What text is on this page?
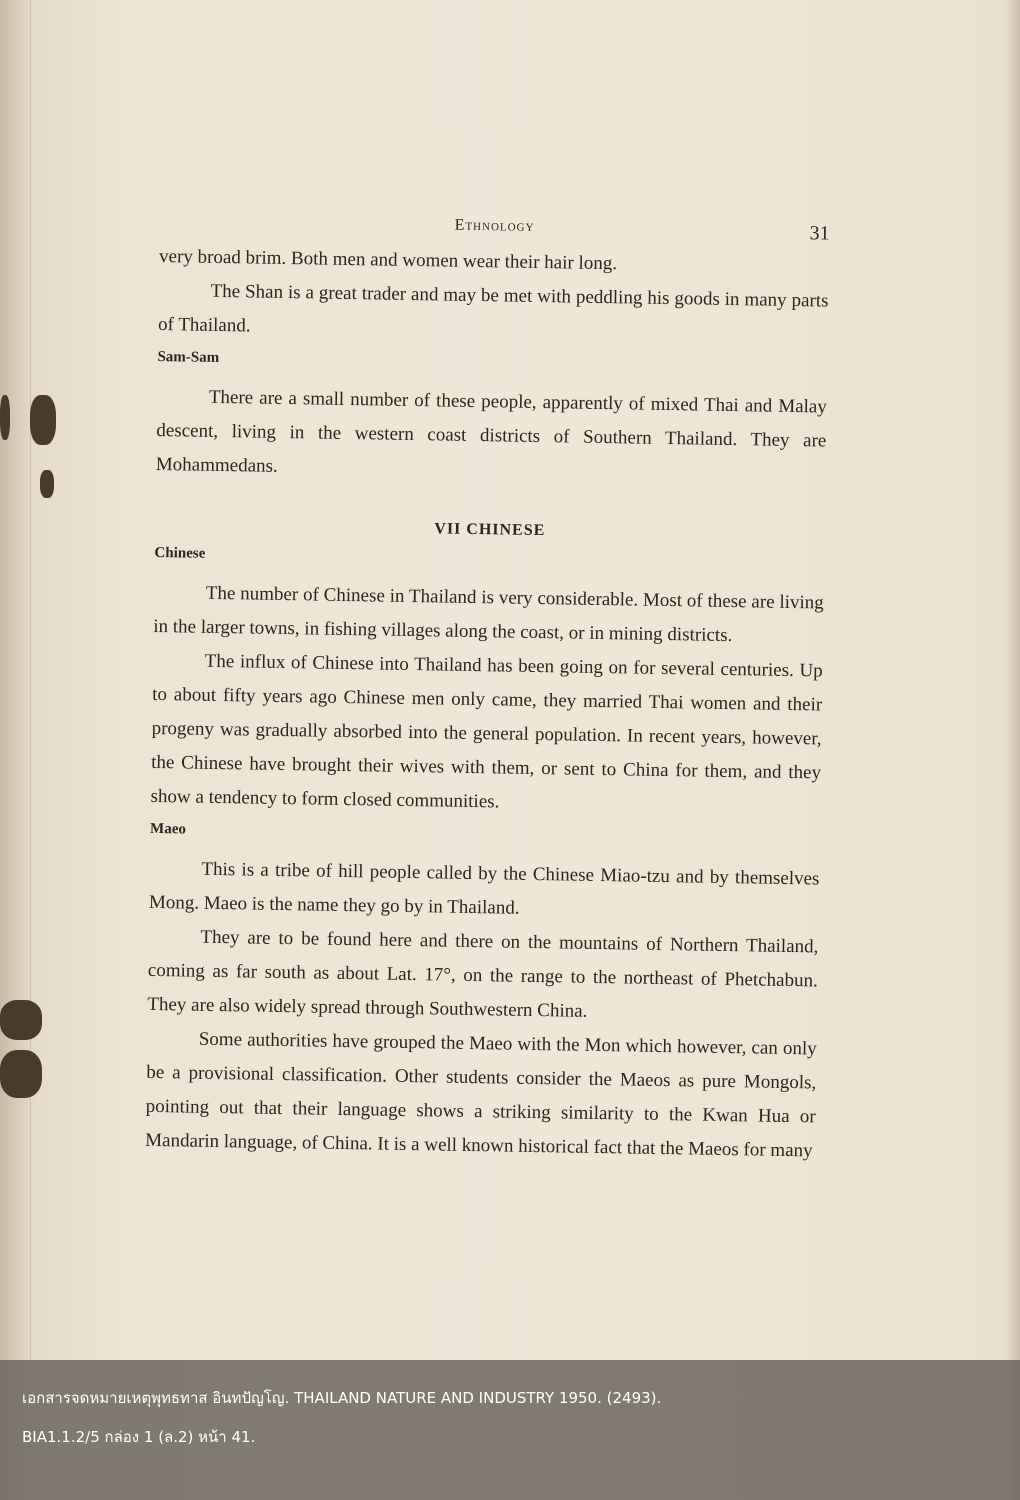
Ethnology	31

very broad brim. Both men and women wear their hair long.

The Shan is a great trader and may be met with peddling his goods in many parts of Thailand.

Sam-Sam

There are a small number of these people, apparently of mixed Thai and Malay descent, living in the western coast districts of Southern Thailand. They are Mohammedans.

VII CHINESE
Chinese

The number of Chinese in Thailand is very considerable. Most of these are living in the larger towns, in fishing villages along the coast, or in mining districts.

The influx of Chinese into Thailand has been going on for several centuries. Up to about fifty years ago Chinese men only came, they married Thai women and their progeny was gradually absorbed into the general population. In recent years, however, the Chinese have brought their wives with them, or sent to China for them, and they show a tendency to form closed communities.

Maeo

This is a tribe of hill people called by the Chinese Miao-tzu and by themselves Mong. Maeo is the name they go by in Thailand.

They are to be found here and there on the mountains of Northern Thailand, coming as far south as about Lat. 17°, on the range to the northeast of Phetchabun. They are also widely spread through Southwestern China.

Some authorities have grouped the Maeo with the Mon which however, can only be a provisional classification. Other students consider the Maeos as pure Mongols, pointing out that their language shows a striking similarity to the Kwan Hua or Mandarin language, of China. It is a well known historical fact that the Maeos for many

เอกสารจดหมายเหตุพุทธทาส อินทปัญโญ. THAILAND NATURE AND INDUSTRY 1950. (2493).
BIA1.1.2/5 กล่อง 1 (ล.2) หน้า 41.
